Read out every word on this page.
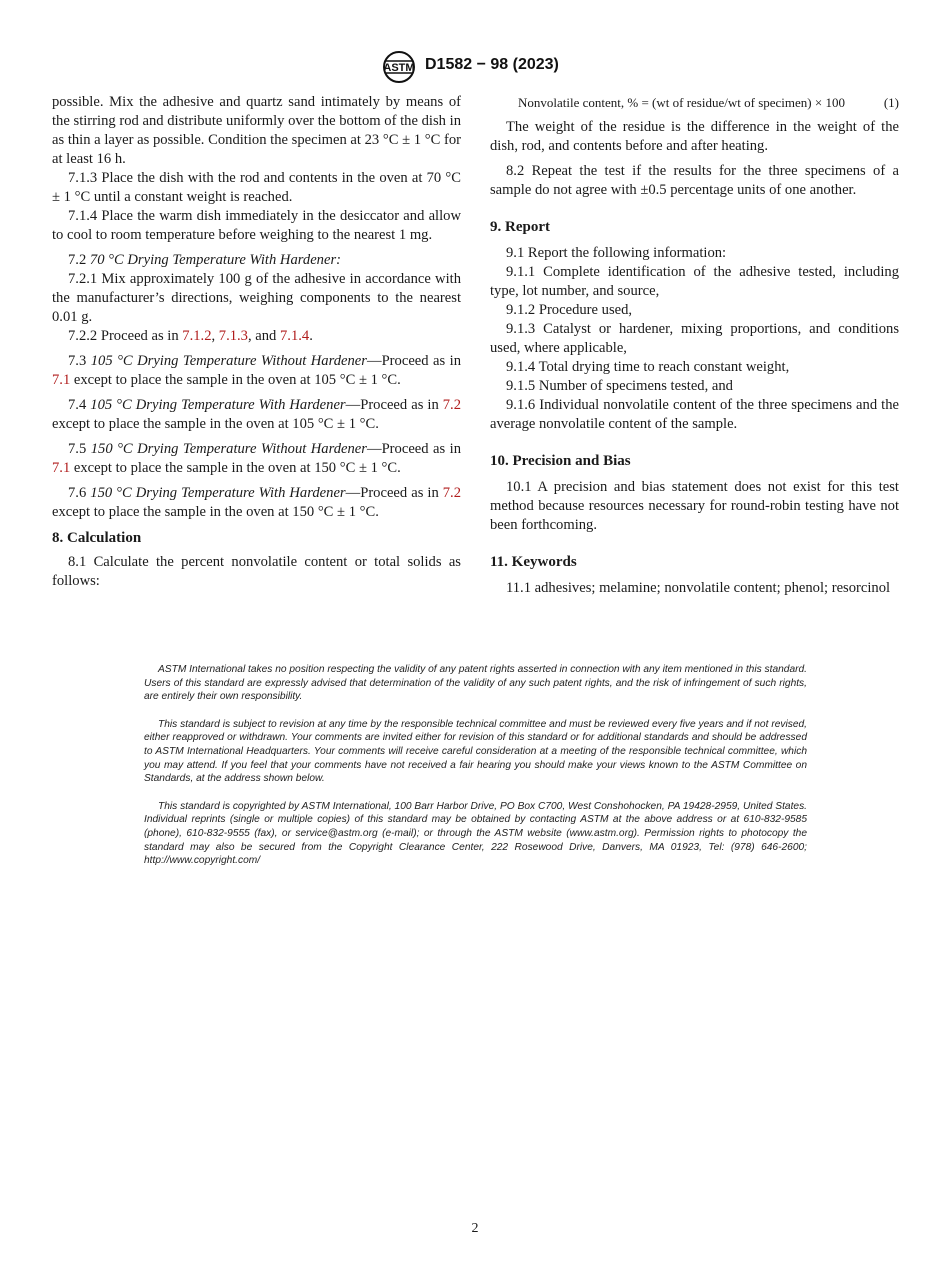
ASTM D1582 − 98 (2023)

possible. Mix the adhesive and quartz sand intimately by means of the stirring rod and distribute uniformly over the bottom of the dish in as thin a layer as possible. Condition the specimen at 23 °C ± 1 °C for at least 16 h.

7.1.3 Place the dish with the rod and contents in the oven at 70 °C ± 1 °C until a constant weight is reached.

7.1.4 Place the warm dish immediately in the desiccator and allow to cool to room temperature before weighing to the nearest 1 mg.

7.2 70 °C Drying Temperature With Hardener:

7.2.1 Mix approximately 100 g of the adhesive in accordance with the manufacturer’s directions, weighing components to the nearest 0.01 g.

7.2.2 Proceed as in 7.1.2, 7.1.3, and 7.1.4.

7.3 105 °C Drying Temperature Without Hardener—Proceed as in 7.1 except to place the sample in the oven at 105 °C ± 1 °C.

7.4 105 °C Drying Temperature With Hardener—Proceed as in 7.2 except to place the sample in the oven at 105 °C ± 1 °C.

7.5 150 °C Drying Temperature Without Hardener—Proceed as in 7.1 except to place the sample in the oven at 150 °C ± 1 °C.

7.6 150 °C Drying Temperature With Hardener—Proceed as in 7.2 except to place the sample in the oven at 150 °C ± 1 °C.

8. Calculation

8.1 Calculate the percent nonvolatile content or total solids as follows:

Nonvolatile content, % = (wt of residue/wt of specimen) × 100	(1)

The weight of the residue is the difference in the weight of the dish, rod, and contents before and after heating.

8.2 Repeat the test if the results for the three specimens of a sample do not agree with ±0.5 percentage units of one another.

9. Report

9.1 Report the following information:

9.1.1 Complete identification of the adhesive tested, including type, lot number, and source,

9.1.2 Procedure used,

9.1.3 Catalyst or hardener, mixing proportions, and conditions used, where applicable,

9.1.4 Total drying time to reach constant weight,

9.1.5 Number of specimens tested, and

9.1.6 Individual nonvolatile content of the three specimens and the average nonvolatile content of the sample.

10. Precision and Bias

10.1 A precision and bias statement does not exist for this test method because resources necessary for round-robin testing have not been forthcoming.

11. Keywords

11.1 adhesives; melamine; nonvolatile content; phenol; resorcinol

ASTM International takes no position respecting the validity of any patent rights asserted in connection with any item mentioned in this standard. Users of this standard are expressly advised that determination of the validity of any such patent rights, and the risk of infringement of such rights, are entirely their own responsibility.

This standard is subject to revision at any time by the responsible technical committee and must be reviewed every five years and if not revised, either reapproved or withdrawn. Your comments are invited either for revision of this standard or for additional standards and should be addressed to ASTM International Headquarters. Your comments will receive careful consideration at a meeting of the responsible technical committee, which you may attend. If you feel that your comments have not received a fair hearing you should make your views known to the ASTM Committee on Standards, at the address shown below.

This standard is copyrighted by ASTM International, 100 Barr Harbor Drive, PO Box C700, West Conshohocken, PA 19428-2959, United States. Individual reprints (single or multiple copies) of this standard may be obtained by contacting ASTM at the above address or at 610-832-9585 (phone), 610-832-9555 (fax), or service@astm.org (e-mail); or through the ASTM website (www.astm.org). Permission rights to photocopy the standard may also be secured from the Copyright Clearance Center, 222 Rosewood Drive, Danvers, MA 01923, Tel: (978) 646-2600; http://www.copyright.com/

2
